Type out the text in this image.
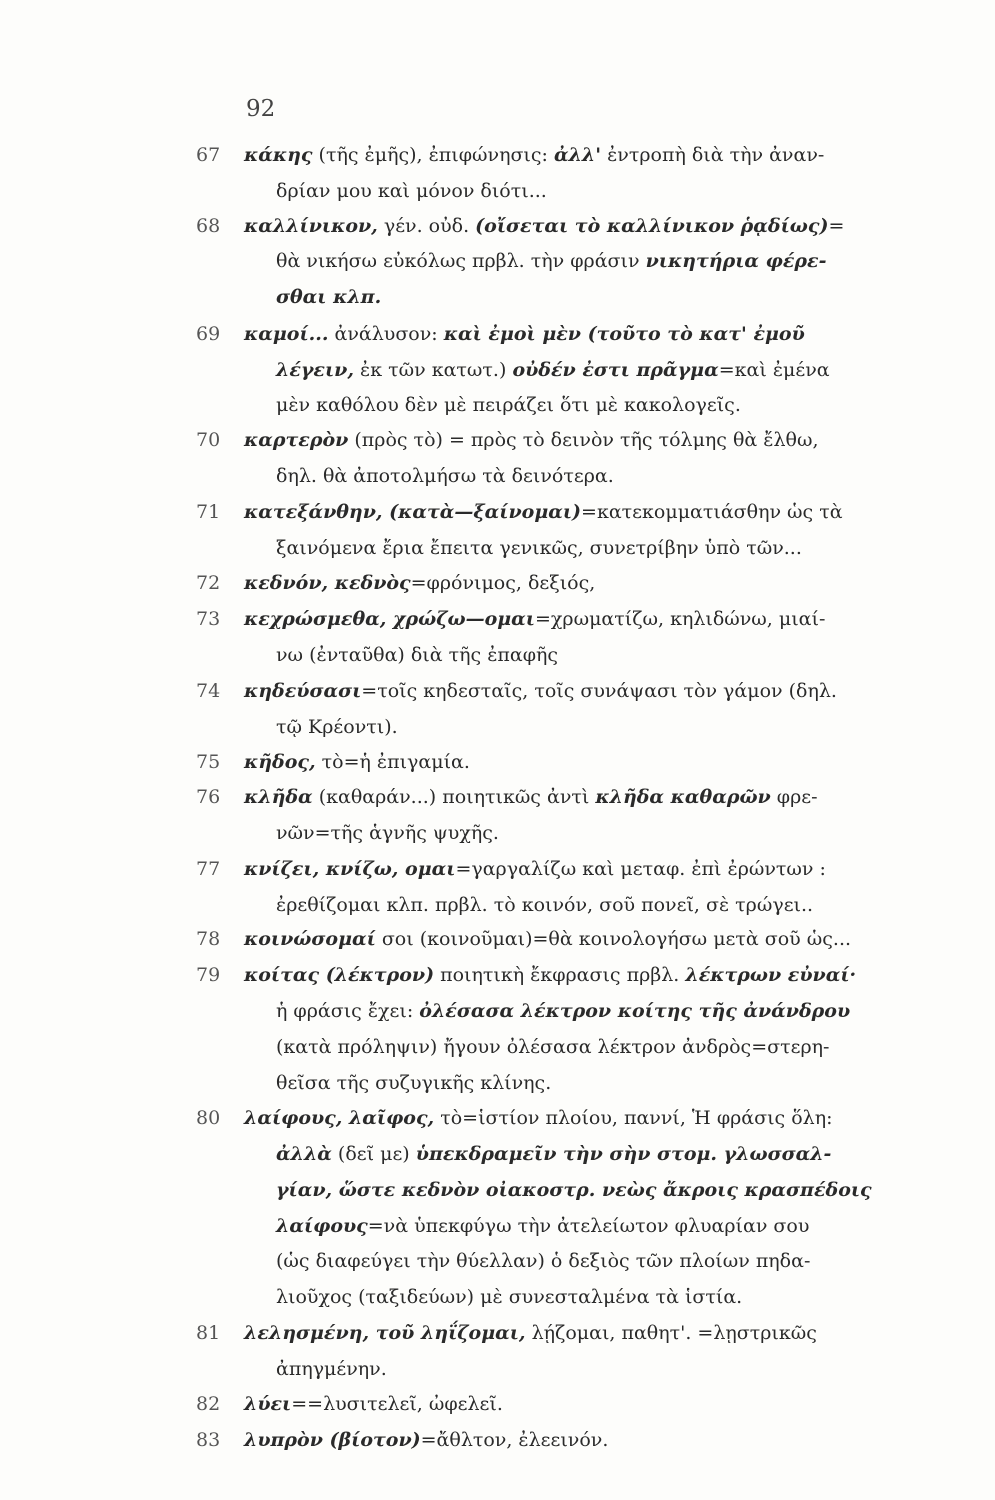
92
67 κάκης (τῆς ἐμῆς), ἐπιφώνησις: ἀλλ' ἐντροπὴ διὰ τὴν ἀναν-
δρίαν μου καὶ μόνον διότι...
68 καλλίνικον, γέν. οὐδ. (οἴσεται τὸ καλλίνικον ῥᾳδίως)=
θὰ νικήσω εὐκόλως πρβλ. τὴν φράσιν νικητήρια φέρε-
σθαι κλπ.
69 καμοί... ἀνάλυσον: καὶ ἐμοὶ μὲν (τοῦτο τὸ κατ' ἐμοῦ
λέγειν, ἐκ τῶν κατωτ.) οὐδέν ἐστι πρᾶγμα=καὶ ἐμένα
μὲν καθόλου δὲν μὲ πειράζει ὅτι μὲ κακολογεῖς.
70 καρτερὸν (πρὸς τὸ) = πρὸς τὸ δεινὸν τῆς τόλμης θὰ ἔλθω,
δηλ. θὰ ἀποτολμήσω τὰ δεινότερα.
71 κατεξάνθην, (κατὰ—ξαίνομαι)=κατεκομματιάσθην ὡς τὰ
ξαινόμενα ἔρια ἔπειτα γενικῶς, συνετρίβην ὑπὸ τῶν...
72 κεδνόν, κεδνὸς=φρόνιμος, δεξιός,
73 κεχρώσμεθα, χρώζω—ομαι=χρωματίζω, κηλιδώνω, μιαί-
νω (ἐνταῦθα) διὰ τῆς ἐπαφῆς
74 κηδεύσασι=τοῖς κηδεσταῖς, τοῖς συνάψασι τὸν γάμον (δηλ.
τῷ Κρέοντι).
75 κῆδος, τὸ=ἡ ἐπιγαμία.
76 κλῆδα (καθαράν...) ποιητικῶς ἀντὶ κλῆδα καθαρῶν φρε-
νῶν=τῆς ἁγνῆς ψυχῆς.
77 κνίζει, κνίζω, ομαι=γαργαλίζω καὶ μεταφ. ἐπὶ ἐρώντων :
ἐρεθίζομαι κλπ. πρβλ. τὸ κοινόν, σοῦ πονεῖ, σὲ τρώγει..
78 κοινώσομαί σοι (κοινοῦμαι)=θὰ κοινολογήσω μετὰ σοῦ ὡς...
79 κοίτας (λέκτρον) ποιητικὴ ἔκφρασις πρβλ. λέκτρων εὐναί·
ἡ φράσις ἔχει: ὀλέσασα λέκτρον κοίτης τῆς ἀνάνδρου
(κατὰ πρόληψιν) ἤγουν ὀλέσασα λέκτρον ἀνδρὸς=στερη-
θεῖσα τῆς συζυγικῆς κλίνης.
80 λαίφους, λαῖφος, τὸ=ἱστίον πλοίου, παννί, Ἡ φράσις ὅλη:
ἀλλὰ (δεῖ με) ὑπεκδραμεῖν τὴν σὴν στομ. γλωσσαλ-
γίαν, ὥστε κεδνὸν οἰακοστρ. νεὼς ἄκροις κρασπέδοις
λαίφους=νὰ ὑπεκφύγω τὴν ἀτελείωτον φλυαρίαν σου
(ὡς διαφεύγει τὴν θύελλαν) ὁ δεξιὸς τῶν πλοίων πηδα-
λιοῦχος (ταξιδεύων) μὲ συνεσταλμένα τὰ ἱστία.
81 λελησμένη, τοῦ ληΐζομαι, λῄζομαι, παθητ'. =λῃστρικῶς
ἀπηγμένην.
82 λύει==λυσιτελεῖ, ὠφελεῖ.
83 λυπρὸν (βίοτον)=ἄθλτον, ἐλεεινόν.
